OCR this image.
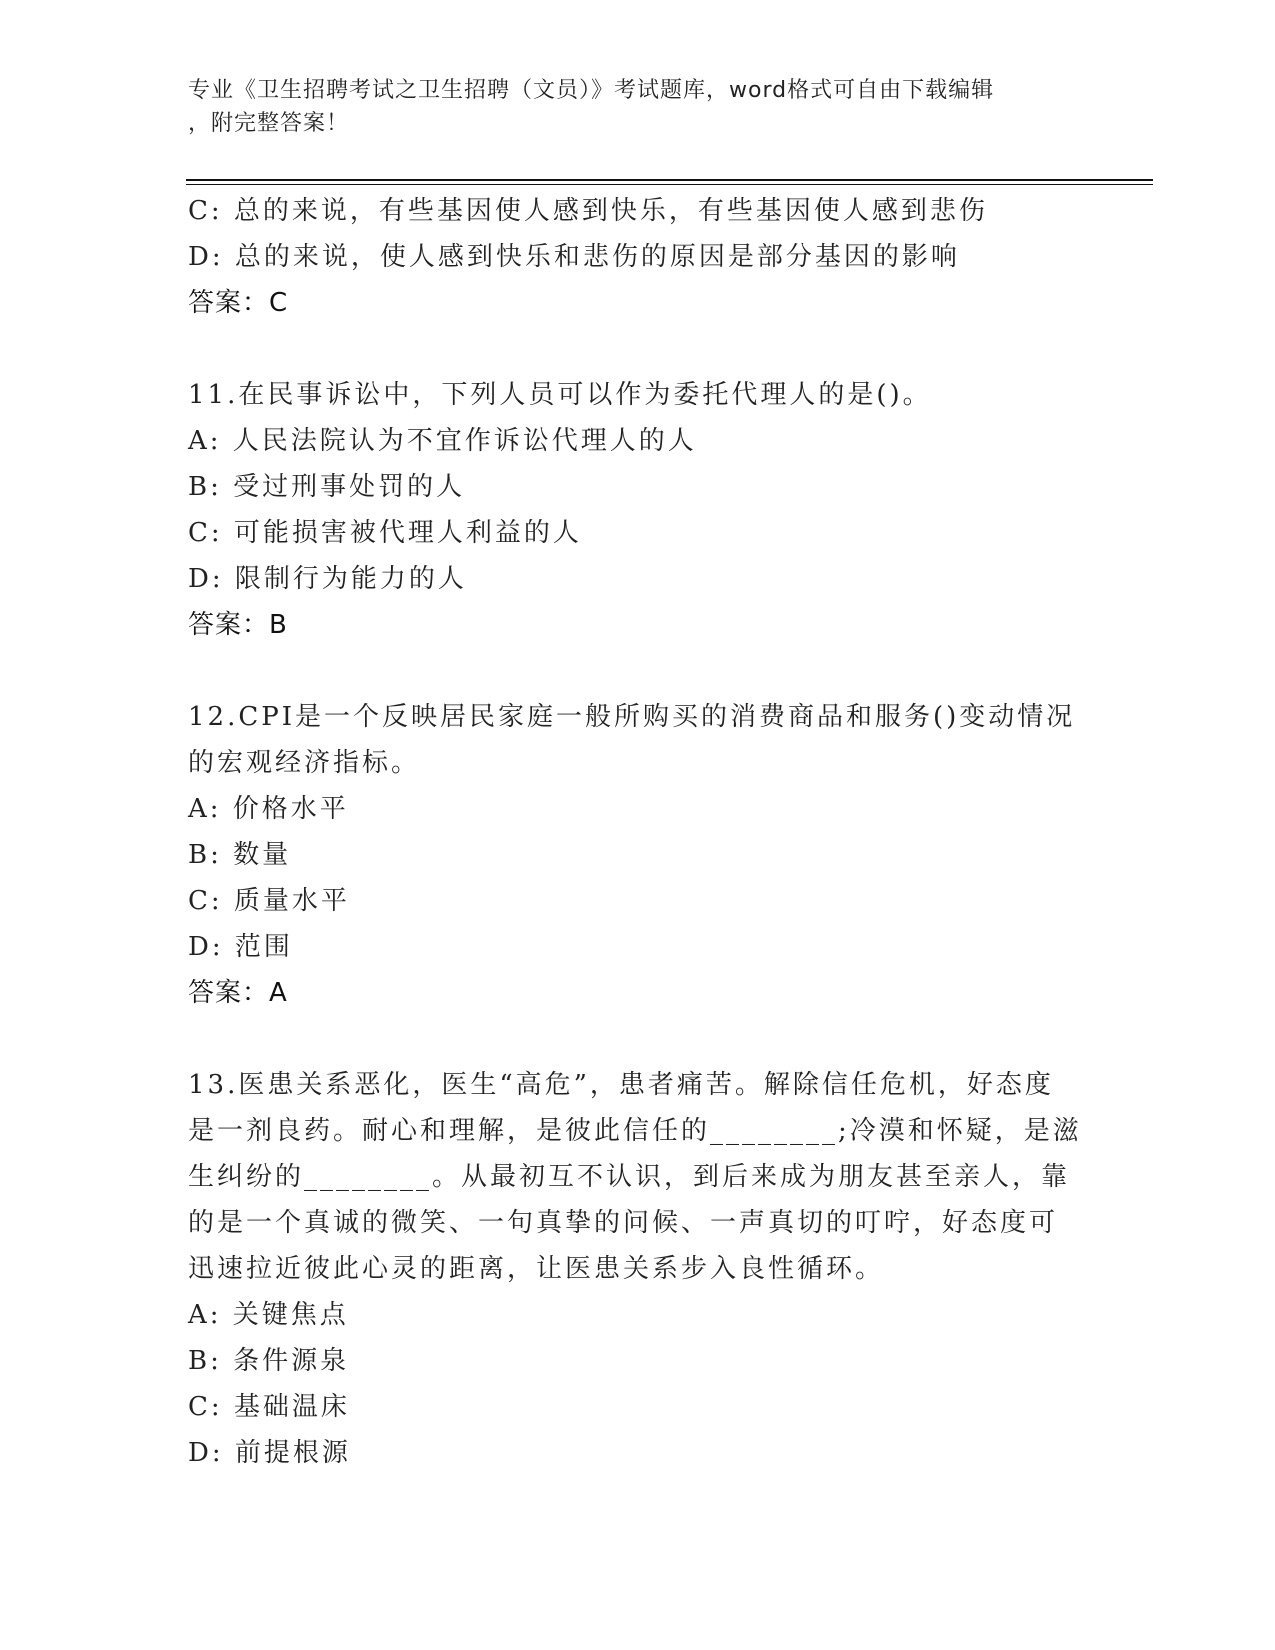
专业《卫生招聘考试之卫生招聘（文员）》考试题库，word格式可自由下载编辑
，附完整答案！
C: 总的来说，有些基因使人感到快乐，有些基因使人感到悲伤
D: 总的来说，使人感到快乐和悲伤的原因是部分基因的影响
答案：C
11.在民事诉讼中，下列人员可以作为委托代理人的是()。
A: 人民法院认为不宜作诉讼代理人的人
B: 受过刑事处罚的人
C: 可能损害被代理人利益的人
D: 限制行为能力的人
答案：B
12.CPI是一个反映居民家庭一般所购买的消费商品和服务()变动情况
的宏观经济指标。
A: 价格水平
B: 数量
C: 质量水平
D: 范围
答案：A
13.医患关系恶化，医生“高危”，患者痛苦。解除信任危机，好态度
是一剂良药。耐心和理解，是彼此信任的________;冷漠和怀疑，是滋
生纠纷的________。从最初互不认识，到后来成为朋友甚至亲人，靠
的是一个真诚的微笑、一句真挚的问候、一声真切的叮咛，好态度可
迅速拉近彼此心灵的距离，让医患关系步入良性循环。
A: 关键焦点
B: 条件源泉
C: 基础温床
D: 前提根源
